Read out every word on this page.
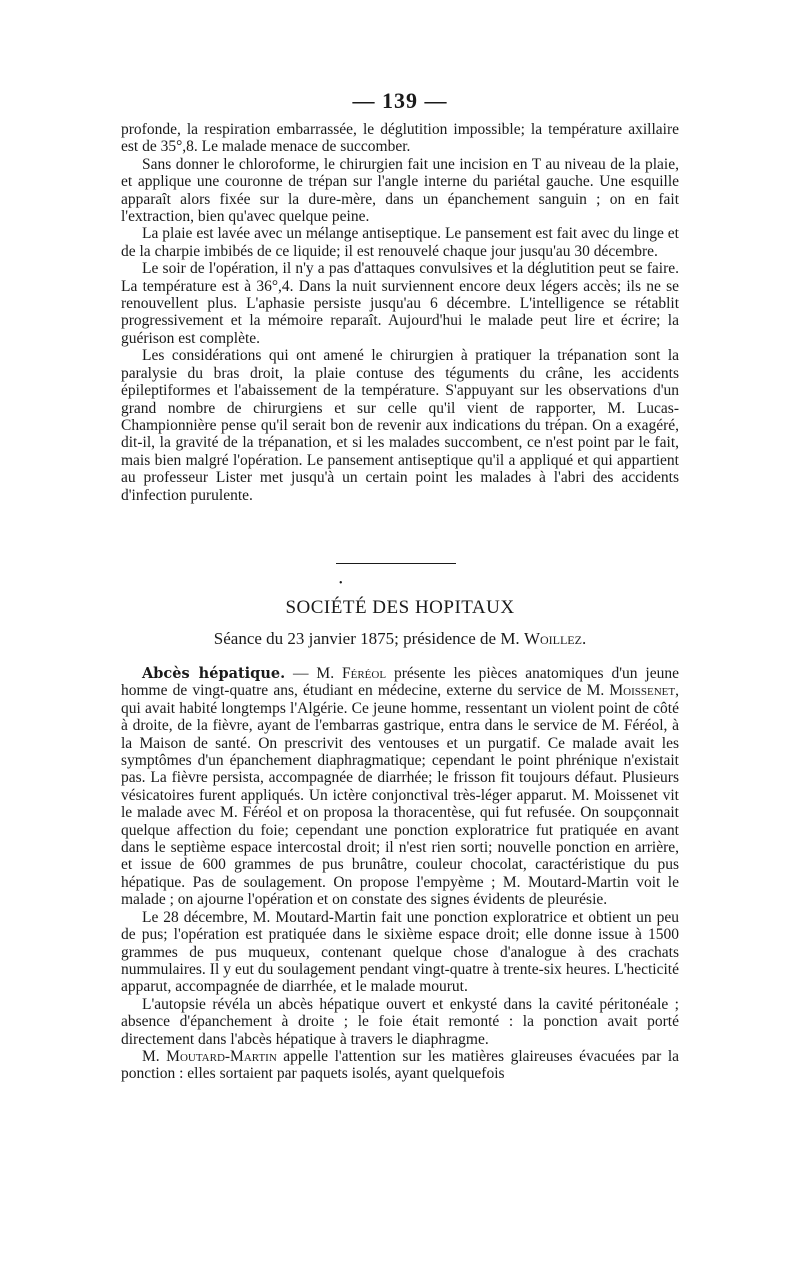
— 139 —

profonde, la respiration embarrassée, le déglutition impossible; la température axillaire est de 35°,8. Le malade menace de succomber.

Sans donner le chloroforme, le chirurgien fait une incision en T au niveau de la plaie, et applique une couronne de trépan sur l'angle interne du pariétal gauche. Une esquille apparaît alors fixée sur la dure-mère, dans un épanchement sanguin ; on en fait l'extraction, bien qu'avec quelque peine.

La plaie est lavée avec un mélange antiseptique. Le pansement est fait avec du linge et de la charpie imbibés de ce liquide; il est renouvelé chaque jour jusqu'au 30 décembre.

Le soir de l'opération, il n'y a pas d'attaques convulsives et la déglutition peut se faire. La température est à 36°,4. Dans la nuit surviennent encore deux légers accès; ils ne se renouvellent plus. L'aphasie persiste jusqu'au 6 décembre. L'intelligence se rétablit progressivement et la mémoire reparaît. Aujourd'hui le malade peut lire et écrire; la guérison est complète.

Les considérations qui ont amené le chirurgien à pratiquer la trépanation sont la paralysie du bras droit, la plaie contuse des téguments du crâne, les accidents épileptiformes et l'abaissement de la température. S'appuyant sur les observations d'un grand nombre de chirurgiens et sur celle qu'il vient de rapporter, M. Lucas-Championnière pense qu'il serait bon de revenir aux indications du trépan. On a exagéré, dit-il, la gravité de la trépanation, et si les malades succombent, ce n'est point par le fait, mais bien malgré l'opération. Le pansement antiseptique qu'il a appliqué et qui appartient au professeur Lister met jusqu'à un certain point les malades à l'abri des accidents d'infection purulente.

•
SOCIÉTÉ DES HOPITAUX
Séance du 23 janvier 1875; présidence de M. Woillez.

Abcès hépatique. — M. Féréol présente les pièces anatomiques d'un jeune homme de vingt-quatre ans, étudiant en médecine, externe du service de M. Moissenet, qui avait habité longtemps l'Algérie. Ce jeune homme, ressentant un violent point de côté à droite, de la fièvre, ayant de l'embarras gastrique, entra dans le service de M. Féréol, à la Maison de santé. On prescrivit des ventouses et un purgatif. Ce malade avait les symptômes d'un épanchement diaphragmatique; cependant le point phrénique n'existait pas. La fièvre persista, accompagnée de diarrhée; le frisson fit toujours défaut. Plusieurs vésicatoires furent appliqués. Un ictère conjonctival très-léger apparut. M. Moissenet vit le malade avec M. Féréol et on proposa la thoracentèse, qui fut refusée. On soupçonnait quelque affection du foie; cependant une ponction exploratrice fut pratiquée en avant dans le septième espace intercostal droit; il n'est rien sorti; nouvelle ponction en arrière, et issue de 600 grammes de pus brunâtre, couleur chocolat, caractéristique du pus hépatique. Pas de soulagement. On propose l'empyème ; M. Moutard-Martin voit le malade ; on ajourne l'opération et on constate des signes évidents de pleurésie.

Le 28 décembre, M. Moutard-Martin fait une ponction exploratrice et obtient un peu de pus; l'opération est pratiquée dans le sixième espace droit; elle donne issue à 1500 grammes de pus muqueux, contenant quelque chose d'analogue à des crachats nummulaires. Il y eut du soulagement pendant vingt-quatre à trente-six heures. L'hecticité apparut, accompagnée de diarrhée, et le malade mourut.

L'autopsie révéla un abcès hépatique ouvert et enkysté dans la cavité péritonéale ; absence d'épanchement à droite ; le foie était remonté : la ponction avait porté directement dans l'abcès hépatique à travers le diaphragme.

M. Moutard-Martin appelle l'attention sur les matières glaireuses évacuées par la ponction : elles sortaient par paquets isolés, ayant quelquefois
